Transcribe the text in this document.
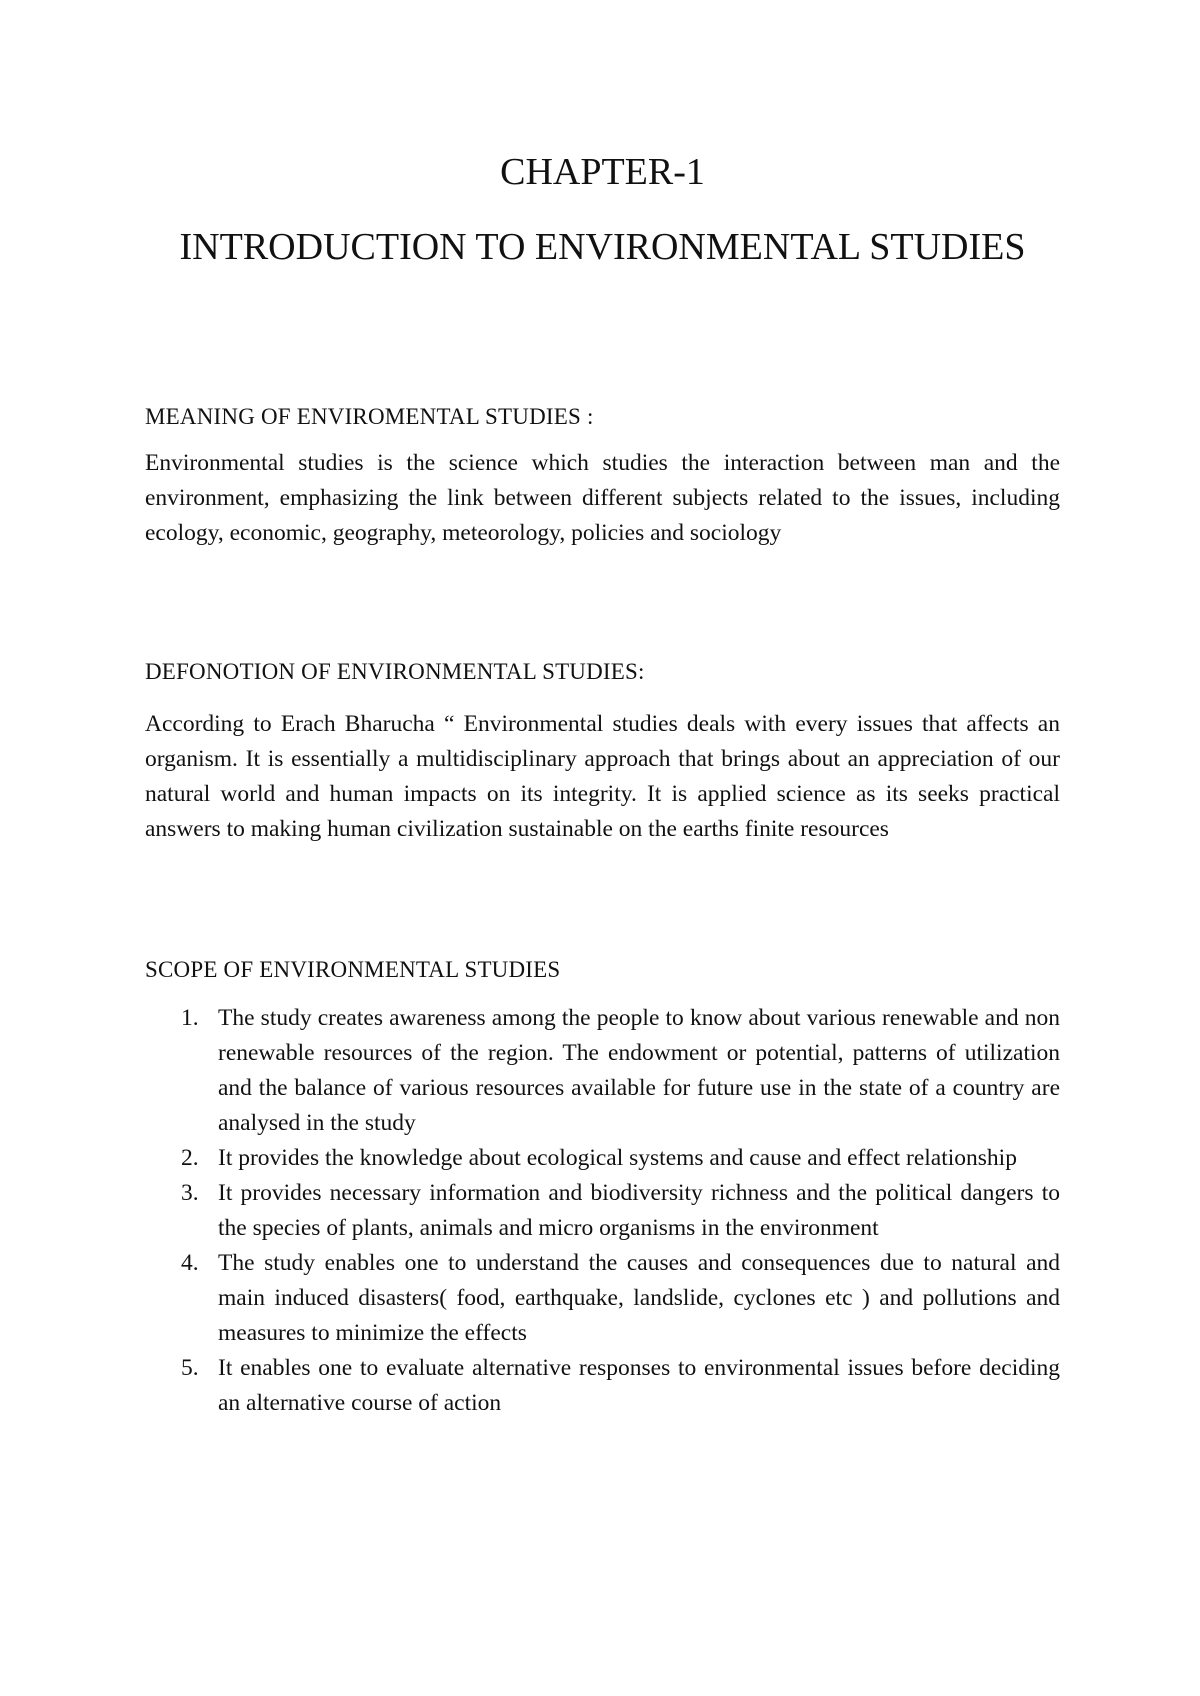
CHAPTER-1
INTRODUCTION TO ENVIRONMENTAL STUDIES
MEANING OF ENVIROMENTAL STUDIES :

Environmental studies is the science which studies the interaction between man and the environment, emphasizing the link between different subjects related to the issues, including ecology, economic, geography, meteorology, policies and sociology

DEFONOTION OF ENVIRONMENTAL STUDIES:

According to Erach Bharucha “ Environmental studies deals with every issues that affects an organism. It is essentially a multidisciplinary approach that brings about an appreciation of our natural world and human impacts on its integrity. It is applied science as its seeks practical answers to making human civilization sustainable on the earths finite resources

SCOPE OF ENVIRONMENTAL STUDIES
1. The study creates awareness among the people to know about various renewable and non renewable resources of the region. The endowment or potential, patterns of utilization and the balance of various resources available for future use in the state of a country are analysed in the study
2. It provides the knowledge about ecological systems and cause and effect relationship
3. It provides necessary information and biodiversity richness and the political dangers to the species of plants, animals and micro organisms in the environment
4. The study enables one to understand the causes and consequences due to natural and main induced disasters( food, earthquake, landslide, cyclones etc ) and pollutions and measures to minimize the effects
5. It enables one to evaluate alternative responses to environmental issues before deciding an alternative course of action
